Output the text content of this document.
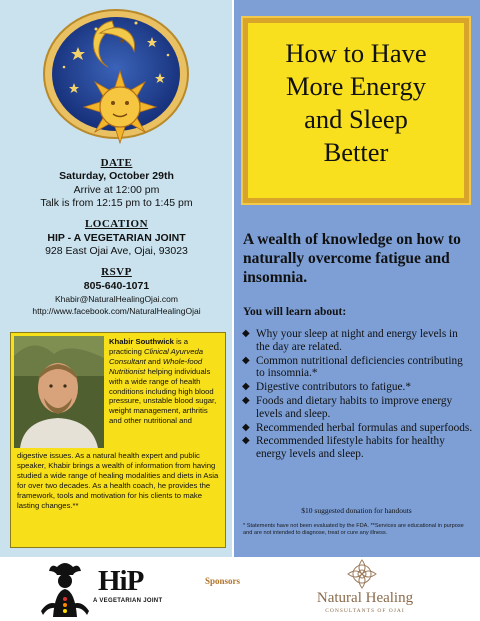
DATE
Saturday, October 29th
Arrive at 12:00 pm
Talk is from 12:15 pm to 1:45 pm
LOCATION
HIP - A VEGETARIAN JOINT
928 East Ojai Ave, Ojai, 93023
RSVP
805-640-1071
Khabir@NaturalHealingOjai.com
http://www.facebook.com/NaturalHealingOjai
Khabir Southwick is a practicing Clinical Ayurveda Consultant and Whole-food Nutritionist helping individuals with a wide range of health conditions including high blood pressure, unstable blood sugar, weight management, arthritis and other nutritional and
digestive issues. As a natural health expert and public speaker, Khabir brings a wealth of information from having studied a wide range of healing modalities and diets in Asia for over two decades. As a health coach, he provides the framework, tools and motivation for his clients to make lasting changes.**
How to Have
More Energy
and Sleep
Better
A wealth of knowledge on how to naturally overcome fatigue and insomnia.
You will learn about:
◆ Why your sleep at night and energy levels in the day are related.
◆ Common nutritional deficiencies contributing to insomnia.*
◆ Digestive contributors to fatigue.*
◆ Foods and dietary habits to improve energy levels and sleep.
◆ Recommended herbal formulas and superfoods.
◆ Recommended lifestyle habits for healthy energy levels and sleep.
$10 suggested donation for handouts
* Statements have not been evaluated by the FDA. **Services are educational in purpose and are not intended to diagnose, treat or cure any illness.
HiP
A VEGETARIAN JOINT
Sponsors
Natural Healing
CONSULTANTS OF OJAI
